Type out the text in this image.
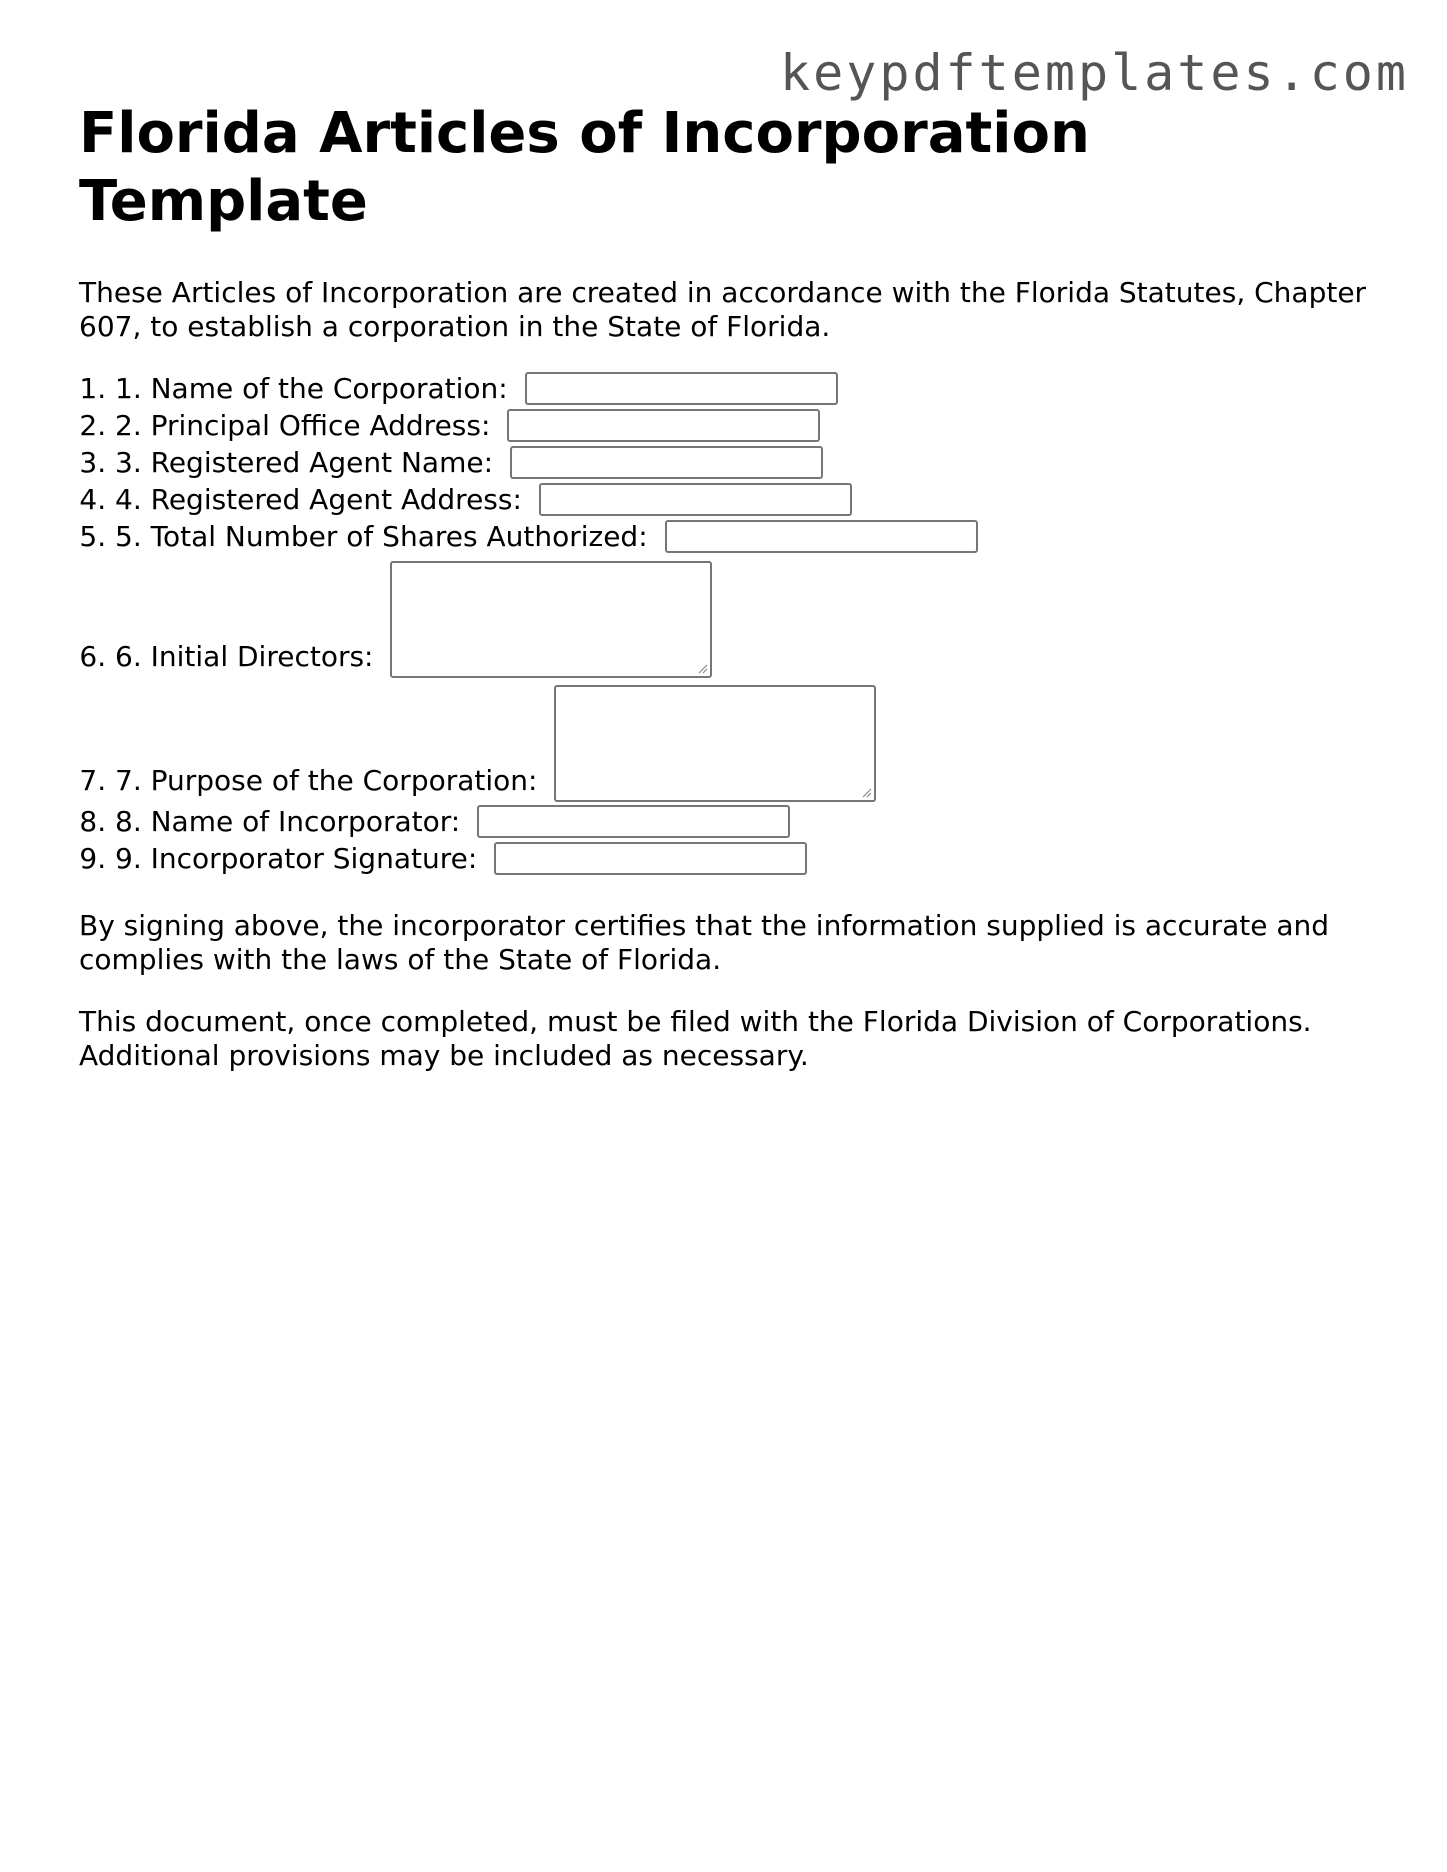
keypdftemplates.com
Florida Articles of Incorporation Template

These Articles of Incorporation are created in accordance with the Florida Statutes, Chapter 607, to establish a corporation in the State of Florida.

1. 1. Name of the Corporation:
2. 2. Principal Office Address:
3. 3. Registered Agent Name:
4. 4. Registered Agent Address:
5. 5. Total Number of Shares Authorized:
6. 6. Initial Directors:
7. 7. Purpose of the Corporation:
8. 8. Name of Incorporator:
9. 9. Incorporator Signature:

By signing above, the incorporator certifies that the information supplied is accurate and complies with the laws of the State of Florida.

This document, once completed, must be filed with the Florida Division of Corporations. Additional provisions may be included as necessary.
